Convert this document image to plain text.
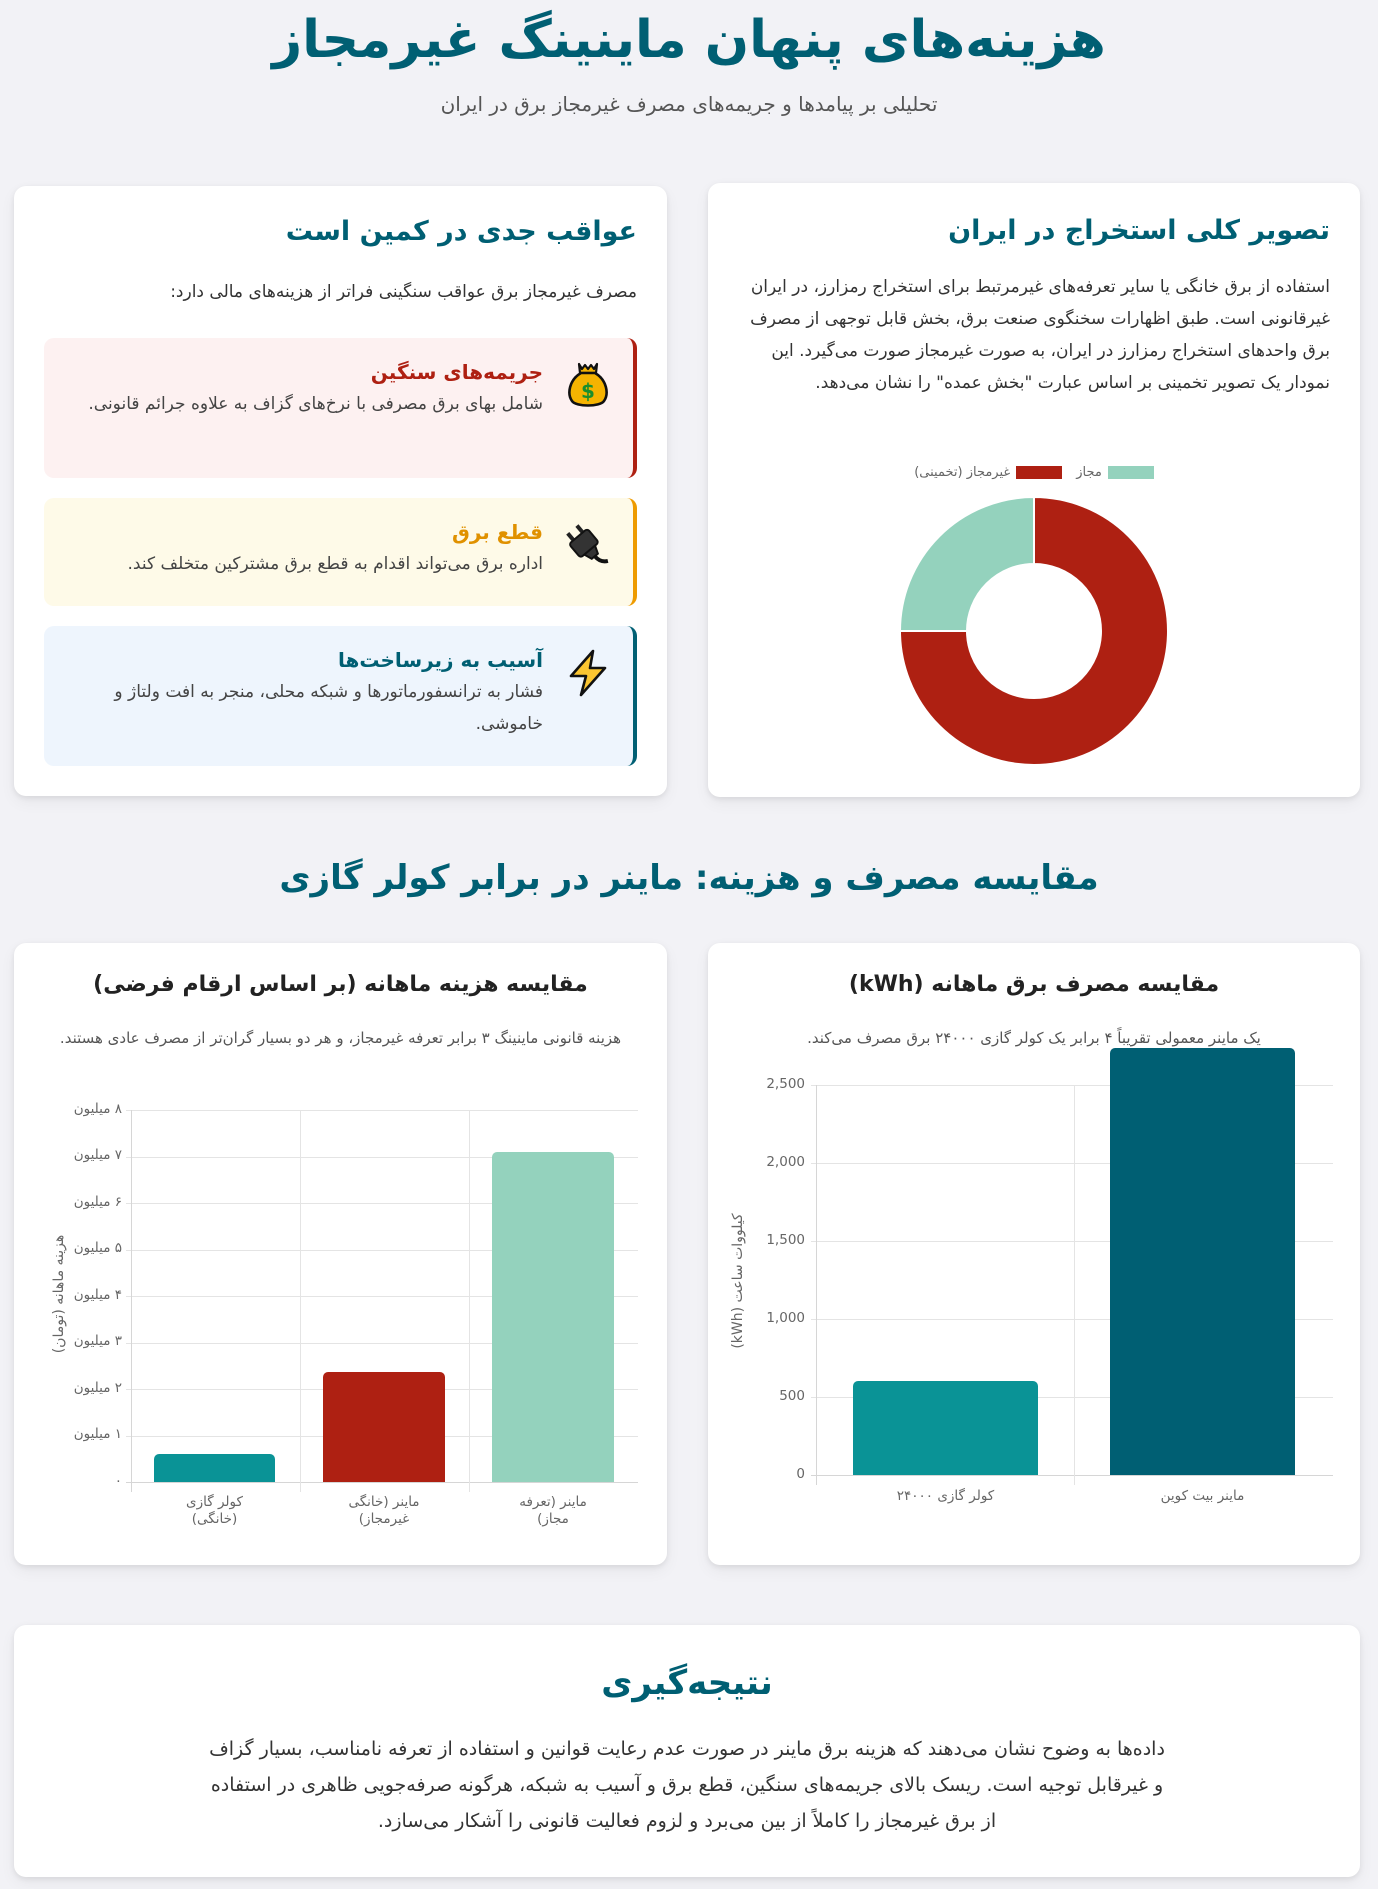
هزینه‌های پنهان ماینینگ غیرمجاز
تحلیلی بر پیامدها و جریمه‌های مصرف غیرمجاز برق در ایران
عواقب جدی در کمین است

مصرف غیرمجاز برق عواقب سنگینی فراتر از هزینه‌های مالی دارد:

$
جریمه‌های سنگین
شامل بهای برق مصرفی با نرخ‌های گزاف به علاوه جرائم قانونی.
قطع برق
اداره برق می‌تواند اقدام به قطع برق مشترکین متخلف کند.
آسیب به زیرساخت‌ها
فشار به ترانسفورماتورها و شبکه محلی، منجر به افت ولتاژ و خاموشی.
تصویر کلی استخراج در ایران

استفاده از برق خانگی یا سایر تعرفه‌های غیرمرتبط برای استخراج رمزارز، در ایران غیرقانونی است. طبق اظهارات سخنگوی صنعت برق، بخش قابل توجهی از مصرف برق واحدهای استخراج رمزارز در ایران، به صورت غیرمجاز صورت می‌گیرد. این نمودار یک تصویر تخمینی بر اساس عبارت "بخش عمده" را نشان می‌دهد.

مجاز
غیرمجاز (تخمینی)
مقایسه مصرف و هزینه: ماینر در برابر کولر گازی
مقایسه هزینه ماهانه (بر اساس ارقام فرضی)
هزینه قانونی ماینینگ ۳ برابر تعرفه غیرمجاز، و هر دو بسیار گران‌تر از مصرف عادی هستند.
۸ میلیون
۷ میلیون
۶ میلیون
۵ میلیون
۴ میلیون
۳ میلیون
۲ میلیون
۱ میلیون
۰
هزینه ماهانه (تومان)
کولر گازی
(خانگی)
ماینر (خانگی
غیرمجاز)
ماینر (تعرفه
مجاز)
مقایسه مصرف برق ماهانه (kWh)
یک ماینر معمولی تقریباً ۴ برابر یک کولر گازی ۲۴۰۰۰ برق مصرف می‌کند.
2,500
2,000
1,500
1,000
500
0
کیلووات ساعت (kWh)
کولر گازی ۲۴۰۰۰	ماینر بیت کوین
نتیجه‌گیری

داده‌ها به وضوح نشان می‌دهند که هزینه برق ماینر در صورت عدم رعایت قوانین و استفاده از تعرفه نامناسب، بسیار گزاف و غیرقابل توجیه است. ریسک بالای جریمه‌های سنگین، قطع برق و آسیب به شبکه، هرگونه صرفه‌جویی ظاهری در استفاده از برق غیرمجاز را کاملاً از بین می‌برد و لزوم فعالیت قانونی را آشکار می‌سازد.
